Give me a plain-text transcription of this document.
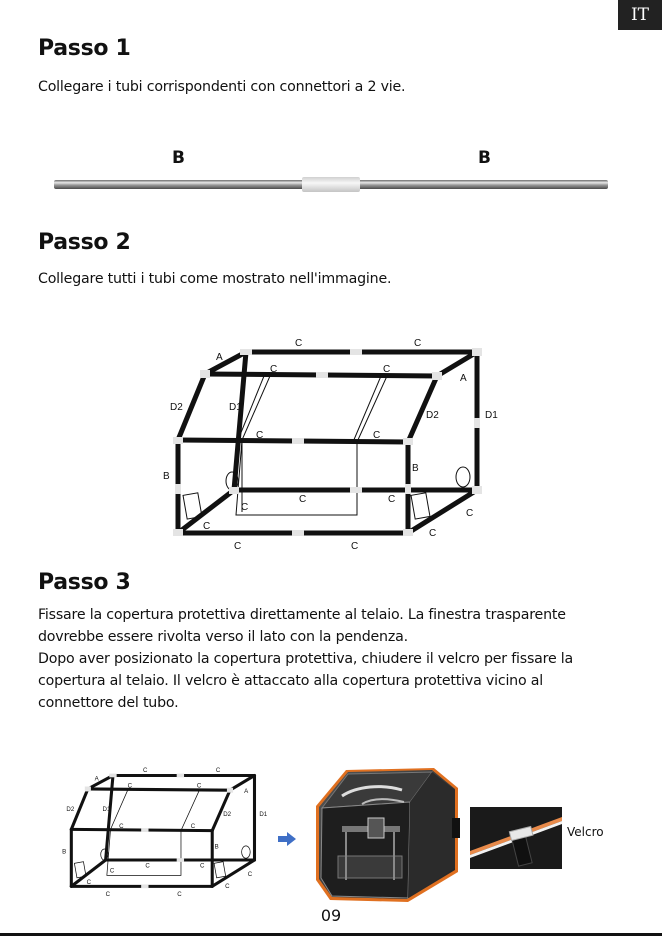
IT
Passo 1

Collegare i tubi corrispondenti con connettori a 2 vie.

B	B
Passo 2

Collegare tutti i tubi come mostrato nell'immagine.

C	C
A
C	C
A
D2	D1
D2	D1
C	C
B
B
C	C
C
C
C
C
C	C
Passo 3
Fissare la copertura protettiva direttamente al telaio. La finestra trasparente
dovrebbe essere rivolta verso il lato con la pendenza.
Dopo aver posizionato la copertura protettiva, chiudere il velcro per fissare la
copertura al telaio. Il velcro è attaccato alla copertura protettiva vicino al
connettore del tubo.
C	C
A
C	C
A
D2	D1
D2	D1
C	C
B
B
C	C
C
C
C
C
C	C
Velcro
09
